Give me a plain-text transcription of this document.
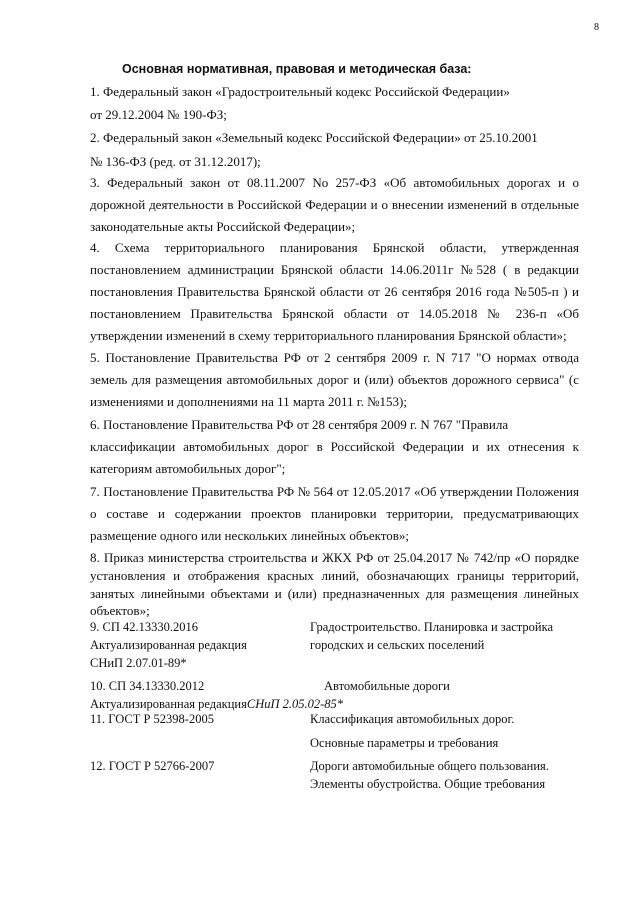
8
Основная нормативная, правовая и методическая база:
1. Федеральный закон «Градостроительный кодекс Российской Федерации»
от 29.12.2004 № 190-ФЗ;
2. Федеральный закон «Земельный кодекс Российской Федерации» от 25.10.2001
№ 136-ФЗ (ред. от 31.12.2017);
3. Федеральный закон от 08.11.2007 No 257-ФЗ «Об автомобильных дорогах и о
дорожной деятельности в Российской Федерации и о внесении изменений в отдельные
законодательные акты Российской Федерации»;
4. Схема территориального планирования Брянской области, утвержденная
постановлением администрации Брянской области 14.06.2011г №528 ( в редакции
постановления Правительства Брянской области от 26 сентября 2016 года №505-п ) и
постановлением Правительства Брянской области от 14.05.2018 № 236-п «Об
утверждении изменений в схему территориального планирования Брянской области»;
5. Постановление Правительства РФ от 2 сентября 2009 г. N 717 "О нормах отвода
земель для размещения автомобильных дорог и (или) объектов дорожного сервиса" (с
изменениями и дополнениями на 11 марта 2011 г. №153);
6. Постановление Правительства РФ от 28 сентября 2009 г. N 767 "Правила
классификации автомобильных дорог в Российской Федерации и их отнесения к
категориям автомобильных дорог";
7. Постановление Правительства РФ № 564 от 12.05.2017 «Об утверждении Положения
о составе и содержании проектов планировки территории, предусматривающих
размещение одного или нескольких линейных объектов»;
8. Приказ министерства строительства и ЖКХ РФ от 25.04.2017 № 742/пр «О порядке
установления и отображения красных линий, обозначающих границы территорий,
занятых линейными объектами и (или) предназначенных для размещения линейных
объектов»;
9. СП 42.13330.2016
Актуализированная редакция
СНиП 2.07.01-89*
Градостроительство. Планировка и застройка
городских и сельских поселений
10. СП 34.13330.2012
Актуализированная редакцияСНиП 2.05.02-85*
Автомобильные дороги
11. ГОСТ Р 52398-2005	Классификация автомобильных дорог.
Основные параметры и требования
12. ГОСТ Р 52766-2007	Дороги автомобильные общего пользования.
Элементы обустройства. Общие требования
